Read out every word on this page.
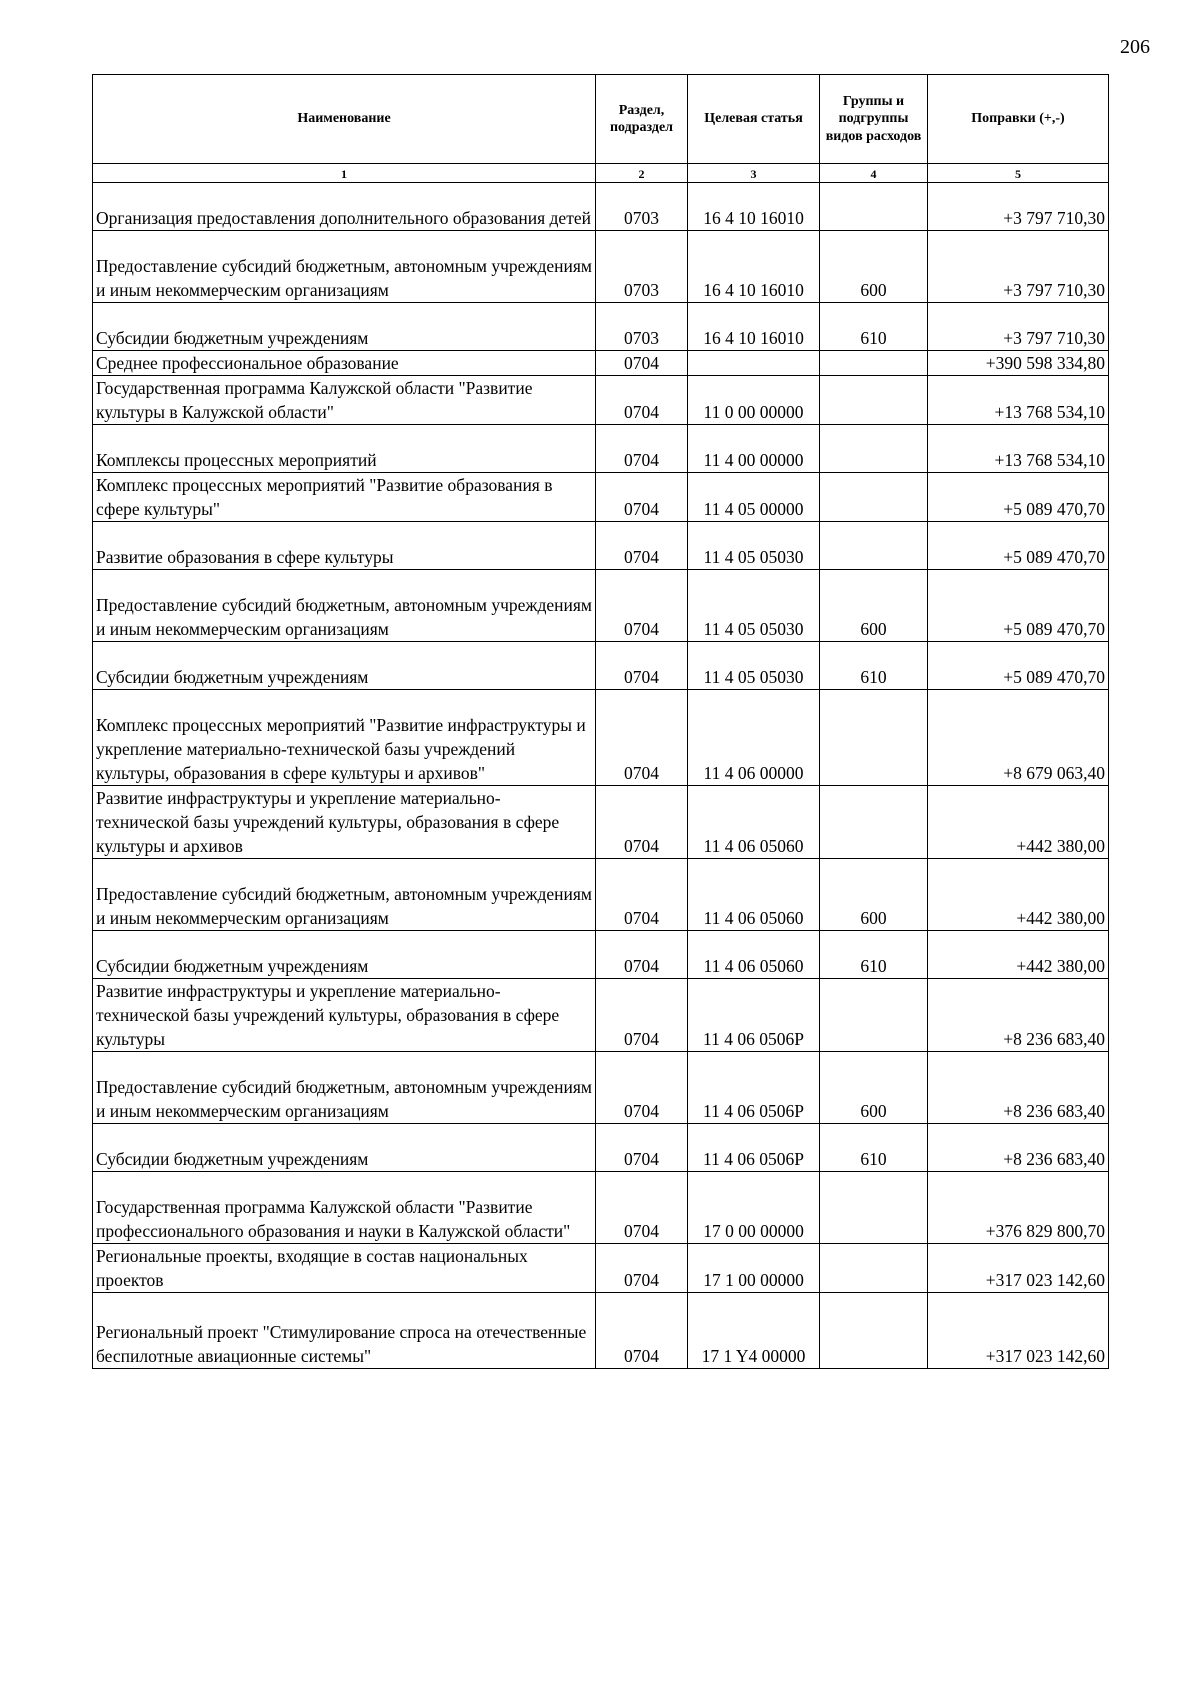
206
Наименование	Раздел, подраздел	Целевая статья	Группы и подгруппы видов расходов	Поправки (+,-)
1	2	3	4	5
Организация предоставления дополнительного образования детей	0703	16 4 10 16010		+3 797 710,30
Предоставление субсидий бюджетным, автономным учреждениям и иным некоммерческим организациям	0703	16 4 10 16010	600	+3 797 710,30
Субсидии бюджетным учреждениям	0703	16 4 10 16010	610	+3 797 710,30
Среднее профессиональное образование	0704			+390 598 334,80
Государственная программа Калужской области "Развитие культуры в Калужской области"	0704	11 0 00 00000		+13 768 534,10
Комплексы процессных мероприятий	0704	11 4 00 00000		+13 768 534,10
Комплекс процессных мероприятий "Развитие образования в сфере культуры"	0704	11 4 05 00000		+5 089 470,70
Развитие образования в сфере культуры	0704	11 4 05 05030		+5 089 470,70
Предоставление субсидий бюджетным, автономным учреждениям и иным некоммерческим организациям	0704	11 4 05 05030	600	+5 089 470,70
Субсидии бюджетным учреждениям	0704	11 4 05 05030	610	+5 089 470,70
Комплекс процессных мероприятий "Развитие инфраструктуры и укрепление материально-технической базы учреждений культуры, образования в сфере культуры и архивов"	0704	11 4 06 00000		+8 679 063,40
Развитие инфраструктуры и укрепление материально-технической базы учреждений культуры, образования в сфере культуры и архивов	0704	11 4 06 05060		+442 380,00
Предоставление субсидий бюджетным, автономным учреждениям и иным некоммерческим организациям	0704	11 4 06 05060	600	+442 380,00
Субсидии бюджетным учреждениям	0704	11 4 06 05060	610	+442 380,00
Развитие инфраструктуры и укрепление материально-технической базы учреждений культуры, образования в сфере культуры	0704	11 4 06 0506P		+8 236 683,40
Предоставление субсидий бюджетным, автономным учреждениям и иным некоммерческим организациям	0704	11 4 06 0506P	600	+8 236 683,40
Субсидии бюджетным учреждениям	0704	11 4 06 0506P	610	+8 236 683,40
Государственная программа Калужской области "Развитие профессионального образования и науки в Калужской области"	0704	17 0 00 00000		+376 829 800,70
Региональные проекты, входящие в состав национальных проектов	0704	17 1 00 00000		+317 023 142,60
Региональный проект "Стимулирование спроса на отечественные беспилотные авиационные системы"	0704	17 1 Y4 00000		+317 023 142,60
